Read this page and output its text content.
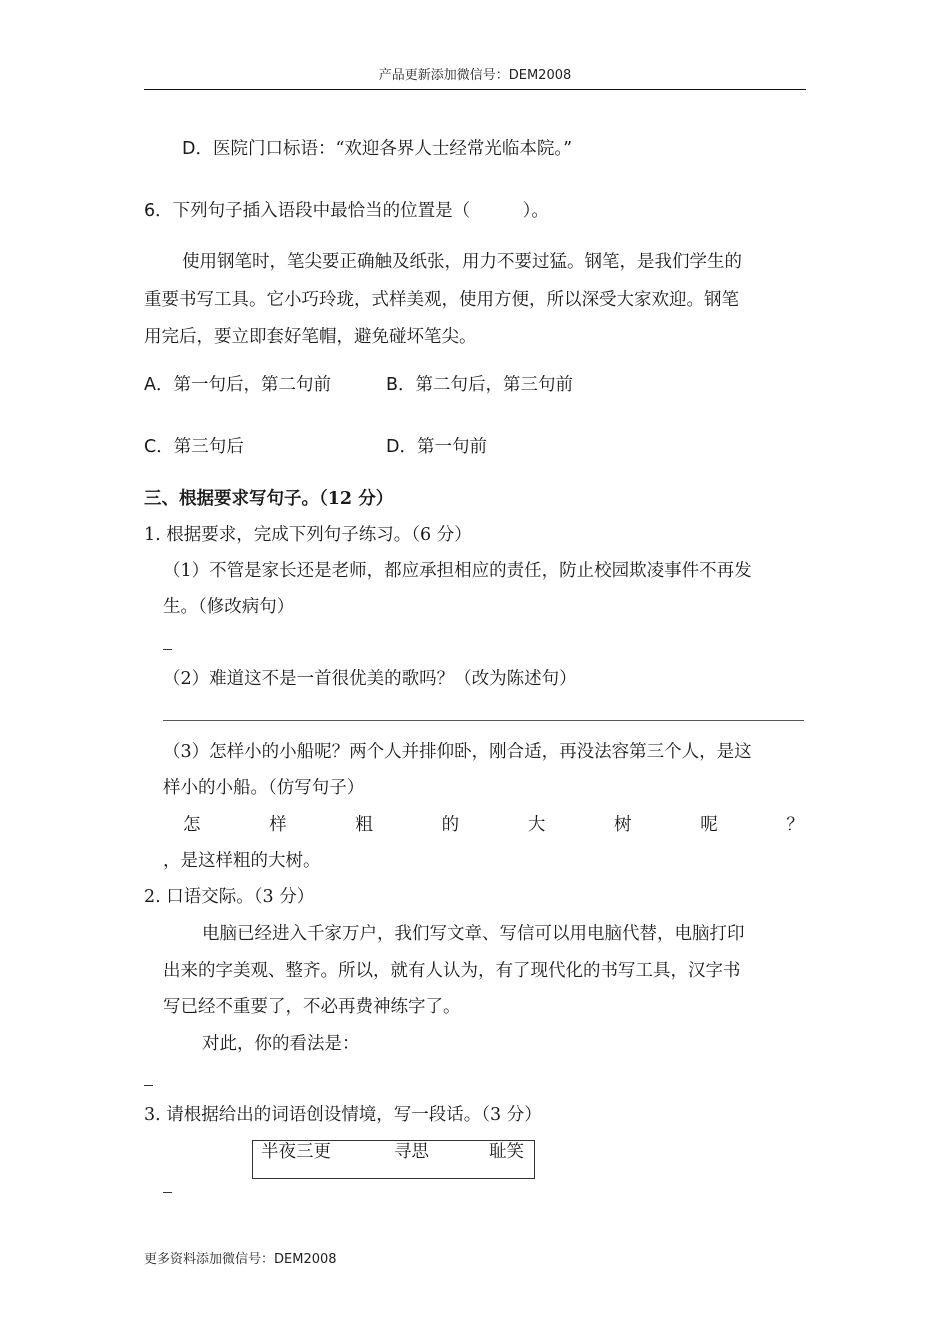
产品更新添加微信号：DEM2008
D．医院门口标语：“欢迎各界人士经常光临本院。”
6．下列句子插入语段中最恰当的位置是（　　　）。
使用钢笔时，笔尖要正确触及纸张，用力不要过猛。钢笔，是我们学生的
重要书写工具。它小巧玲珑，式样美观，使用方便，所以深受大家欢迎。钢笔
用完后，要立即套好笔帽，避免碰坏笔尖。
A．第一句后，第二句前	B．第二句后，第三句前
C．第三句后	D．第一句前
三、根据要求写句子。（12 分）
1. 根据要求，完成下列句子练习。（6 分）
（1）不管是家长还是老师，都应承担相应的责任，防止校园欺凌事件不再发
生。（修改病句）
（2）难道这不是一首很优美的歌吗？（改为陈述句）
（3）怎样小的小船呢？两个人并排仰卧，刚合适，再没法容第三个人，是这
样小的小船。（仿写句子）
怎	样	粗	的	大	树	呢	？
，是这样粗的大树。
2. 口语交际。（3 分）
电脑已经进入千家万户，我们写文章、写信可以用电脑代替，电脑打印
出来的字美观、整齐。所以，就有人认为，有了现代化的书写工具，汉字书
写已经不重要了，不必再费神练字了。
对此，你的看法是：
3. 请根据给出的词语创设情境，写一段话。（3 分）
半夜三更	寻思	耻笑
更多资料添加微信号：DEM2008
